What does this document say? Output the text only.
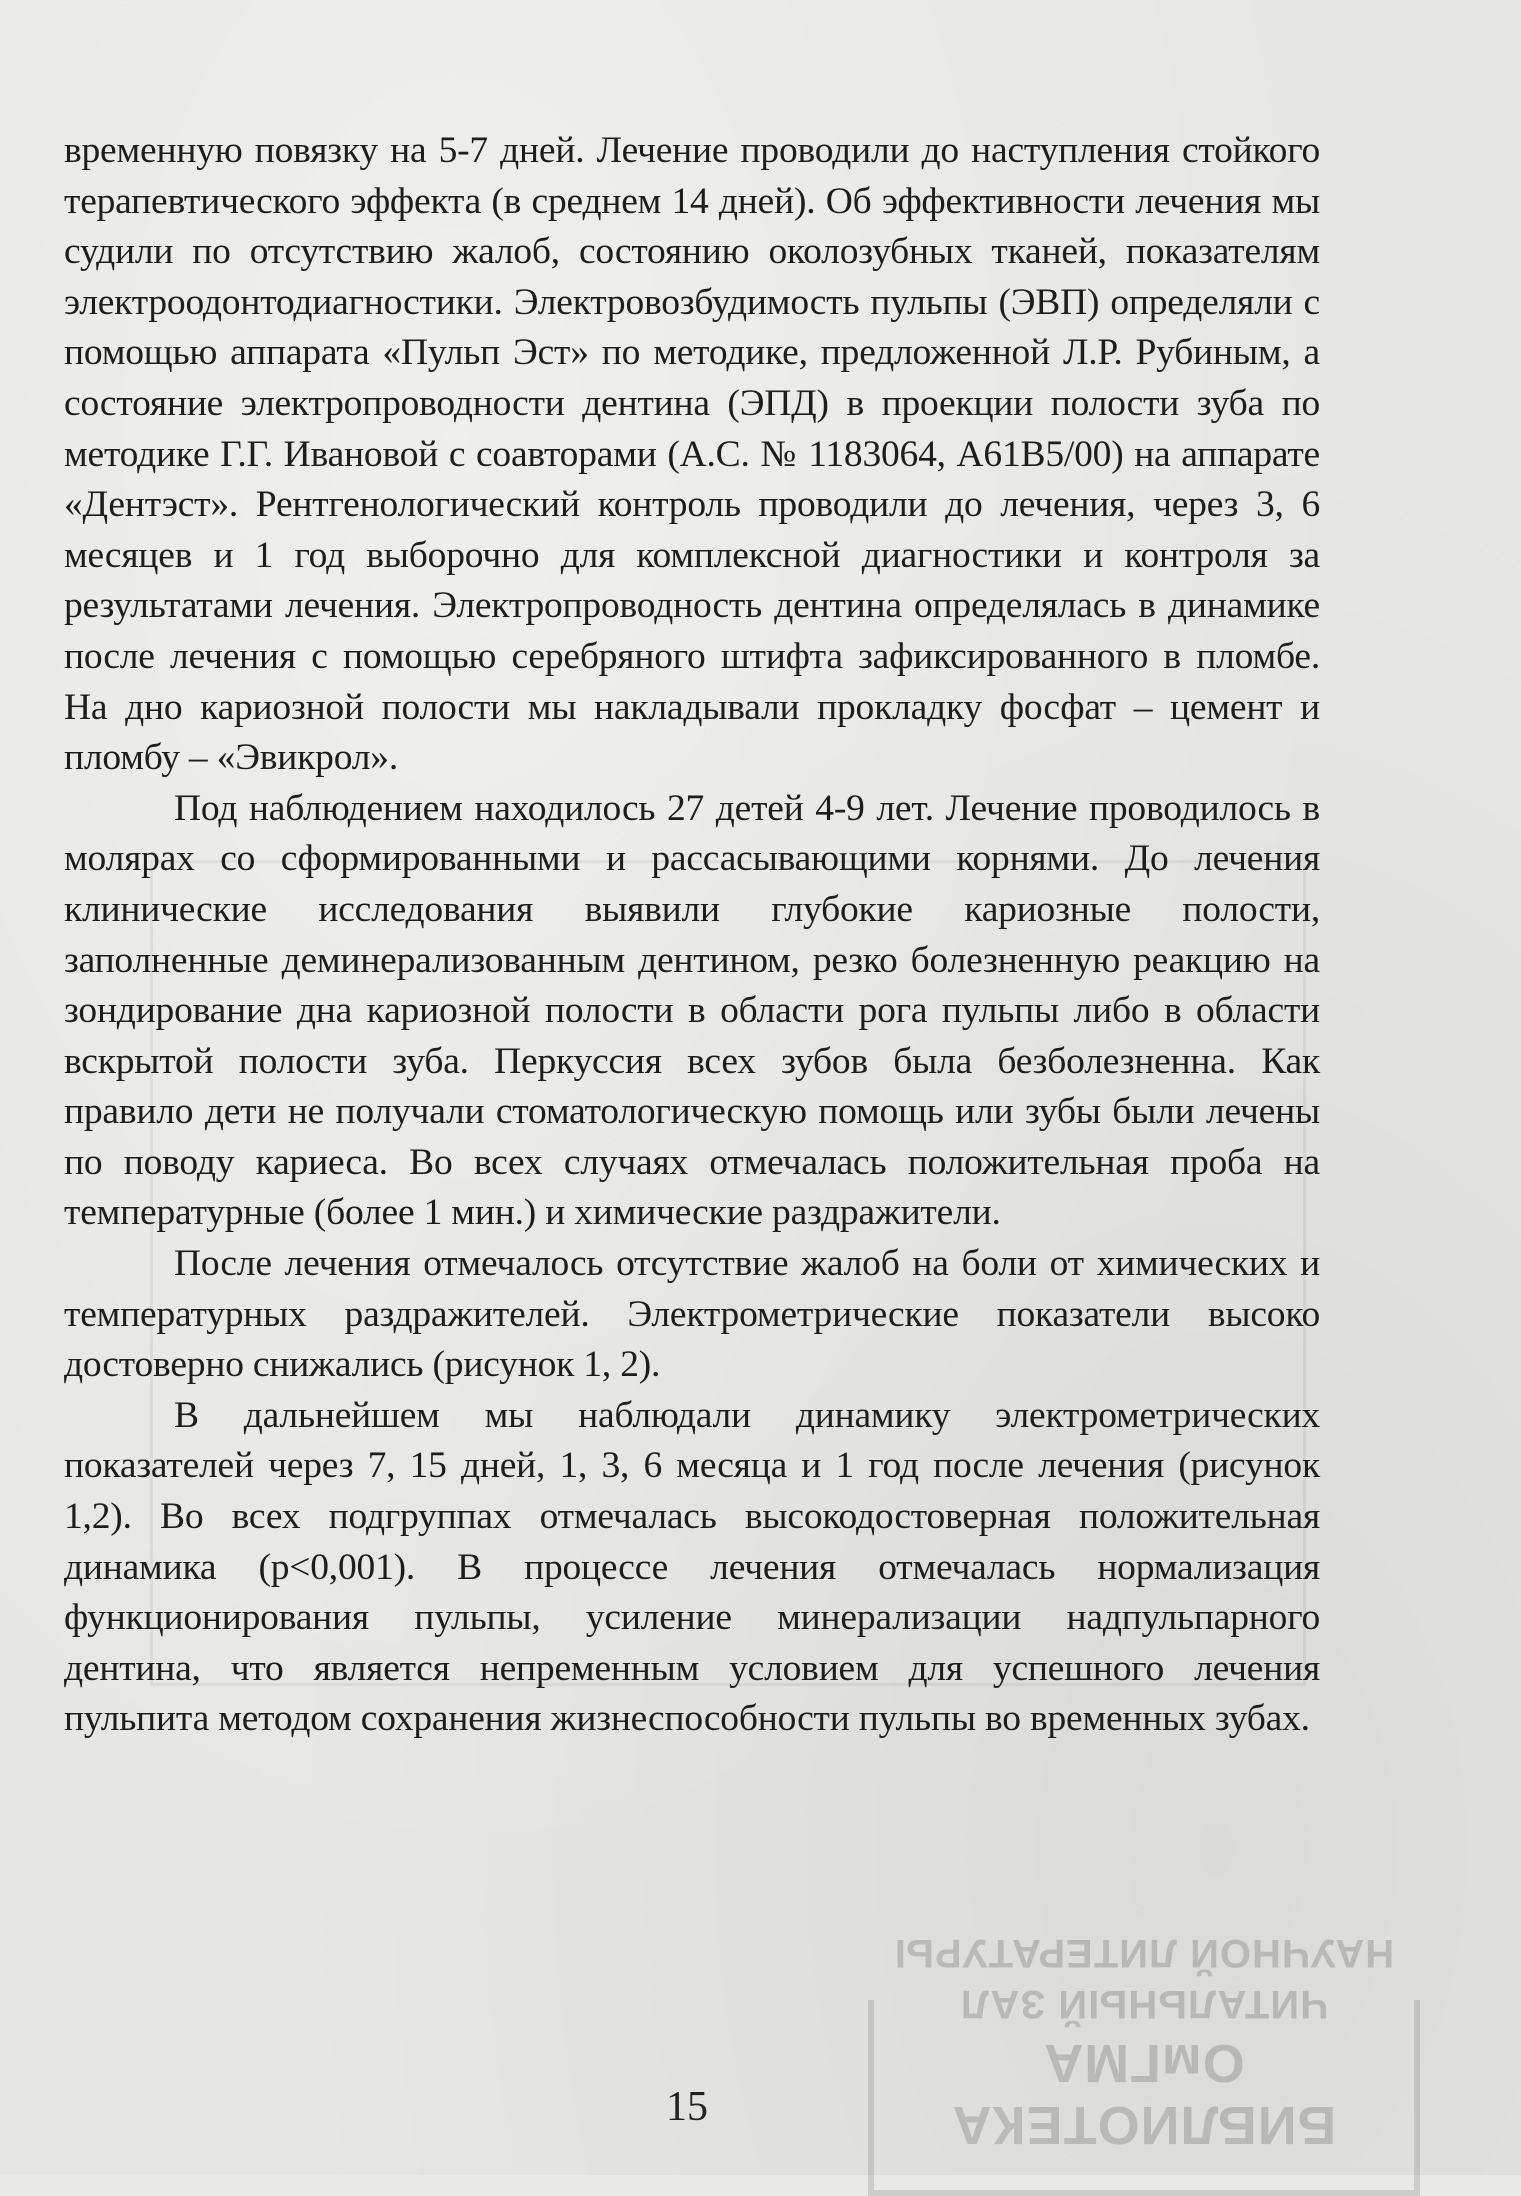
временную повязку на 5-7 дней. Лечение проводили до наступления стойкого терапевтического эффекта (в среднем 14 дней). Об эффективности лечения мы судили по отсутствию жалоб, состоянию околозубных тканей, показателям электроодонтодиагностики. Электровозбудимость пульпы (ЭВП) определяли с помощью аппарата «Пульп Эст» по методике, предложенной Л.Р. Рубиным, а состояние электропроводности дентина (ЭПД) в проекции полости зуба по методике Г.Г. Ивановой с соавторами (А.С. № 1183064, А61В5/00) на аппарате «Дентэст». Рентгенологический контроль проводили до лечения, через 3, 6 месяцев и 1 год выборочно для комплексной диагностики и контроля за результатами лечения. Электропроводность дентина определялась в динамике после лечения с помощью серебряного штифта зафиксированного в пломбе. На дно кариозной полости мы накладывали прокладку фосфат – цемент и пломбу – «Эвикрол».

Под наблюдением находилось 27 детей 4-9 лет. Лечение проводилось в молярах со сформированными и рассасывающими корнями. До лечения клинические исследования выявили глубокие кариозные полости, заполненные деминерализованным дентином, резко болезненную реакцию на зондирование дна кариозной полости в области рога пульпы либо в области вскрытой полости зуба. Перкуссия всех зубов была безболезненна. Как правило дети не получали стоматологическую помощь или зубы были лечены по поводу кариеса. Во всех случаях отмечалась положительная проба на температурные (более 1 мин.) и химические раздражители.

После лечения отмечалось отсутствие жалоб на боли от химических и температурных раздражителей. Электрометрические показатели высоко достоверно снижались (рисунок 1, 2).

В дальнейшем мы наблюдали динамику электрометрических показателей через 7, 15 дней, 1, 3, 6 месяца и 1 год после лечения (рисунок 1,2). Во всех подгруппах отмечалась высокодостоверная положительная динамика (р<0,001). В процессе лечения отмечалась нормализация функционирования пульпы, усиление минерализации надпульпарного дентина, что является непременным условием для успешного лечения пульпита методом сохранения жизнеспособности пульпы во временных зубах.

15	БИБЛИОТЕКА ОмГМА
ЧИТАЛЬНЫЙ ЗАЛ
НАУЧНОЙ ЛИТЕРАТУРЫ
